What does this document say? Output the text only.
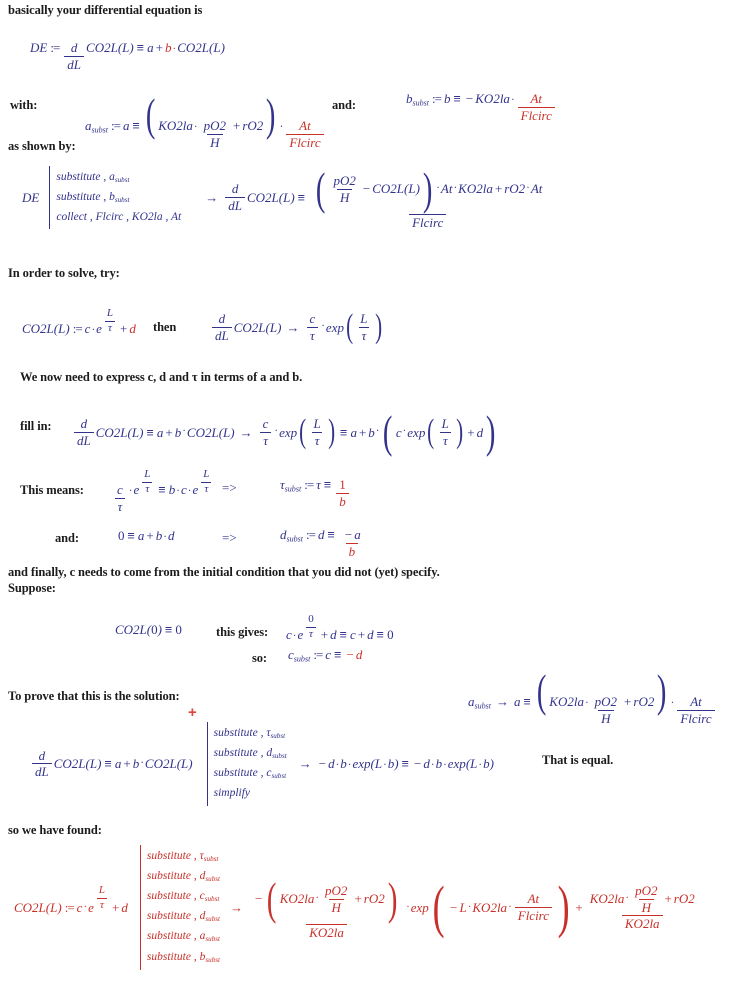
basically your differential equation is
DE := $\frac{d}{dL} CO2L(L) \equiv a + b \cdot CO2L(L)$
with:
$a_{subst}$ := a ≡ ( $KO2la \cdot \frac{pO2}{H} + rO2$ ) · $\frac{At}{\text{Flcirc}}$
and:	$b_{subst}$ := b ≡ − $KO2la \cdot \frac{At}{\text{Flcirc}}$
as shown by:
DE
substitute , $a_{subst}$
substitute , $b_{subst}$
collect , Flcirc , KO2la , At
→ $\frac{d}{dL} CO2L(L)$ ≡ ( $\frac{pO2}{H} - CO2L(L)$ ) · At · KO2la + rO2 · At
Flcirc
In order to solve, try:
CO2L(L) := c · e $\frac{L}{\tau} + d$ then	$\frac{d}{dL} CO2L(L) \to \frac{c}{\tau} \cdot \exp$ ( $\frac{L}{\tau}$ )
We now need to express c, d and τ in terms of a and b.
fill in: $\frac{d}{dL} CO2L(L) \equiv a + b \cdot CO2L(L) \to \frac{c}{\tau} \cdot \exp$ ( $\frac{L}{\tau}$ ) ≡ a + b · ( c · exp ( $\frac{L}{\tau}$ ) + d )
This means: $\frac{c}{\tau} \cdot e \frac{L}{\tau} \equiv b \cdot c \cdot e \frac{L}{\tau}$ =>	$\tau_{subst}$ := $\tau \equiv \frac{1}{b}$
and:	0 ≡ a + b · d	=>	$d_{subst}$ := $d \equiv \frac{- a}{b}$
and finally, c needs to come from the initial condition that you did not (yet) specify.
Suppose:
CO2L(0) ≡ 0	this gives: c · e $\frac{0}{\tau} + d \equiv c + d \equiv 0$
so: $c_{subst}$ := c ≡ − d
$a_{subst} \to a$ ≡ ( $KO2la \cdot \frac{pO2}{H} + rO2$ ) · $\frac{At}{\text{Flcirc}}$
To prove that this is the solution:
+
$\frac{d}{dL} CO2L(L) \equiv a + b \cdot CO2L(L)$
substitute , $\tau_{subst}$
substitute , $d_{subst}$
substitute , $c_{subst}$
simplify
→ − d·b·exp(L·b) ≡ − d·b·exp(L·b)	That is equal.
so we have found:
CO2L(L) := c · e $\frac{L}{\tau} + d$
substitute , $\tau_{subst}$
substitute , $d_{subst}$
substitute , $c_{subst}$
substitute , $d_{subst}$
substitute , $a_{subst}$
substitute , $b_{subst}$
→
− ( $KO2la \cdot \frac{pO2}{H} + rO2$ )
KO2la
· exp ( − $L \cdot KO2la \cdot \frac{At}{\text{Flcirc}}$ ) + $\frac{KO2la \cdot \frac{pO2}{H} + rO2}{KO2la}$
